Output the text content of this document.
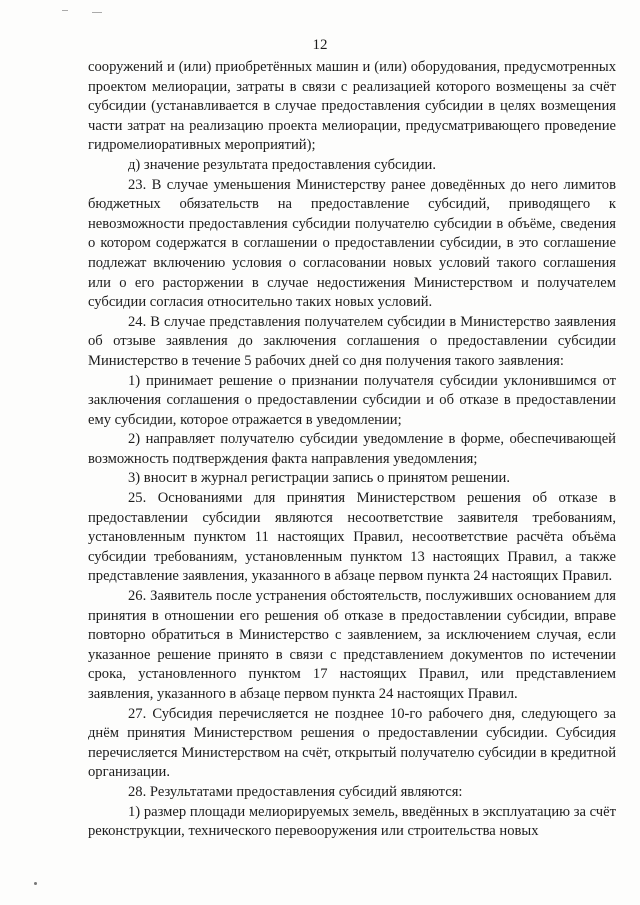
12

сооружений и (или) приобретённых машин и (или) оборудования, предусмотренных проектом мелиорации, затраты в связи с реализацией которого возмещены за счёт субсидии (устанавливается в случае предоставления субсидии в целях возмещения части затрат на реализацию проекта мелиорации, предусматривающего проведение гидромелиоративных мероприятий);

д) значение результата предоставления субсидии.

23. В случае уменьшения Министерству ранее доведённых до него лимитов бюджетных обязательств на предоставление субсидий, приводящего к невозможности предоставления субсидии получателю субсидии в объёме, сведения о котором содержатся в соглашении о предоставлении субсидии, в это соглашение подлежат включению условия о согласовании новых условий такого соглашения или о его расторжении в случае недостижения Министерством и получателем субсидии согласия относительно таких новых условий.

24. В случае представления получателем субсидии в Министерство заявления об отзыве заявления до заключения соглашения о предоставлении субсидии Министерство в течение 5 рабочих дней со дня получения такого заявления:

1) принимает решение о признании получателя субсидии уклонившимся от заключения соглашения о предоставлении субсидии и об отказе в предоставлении ему субсидии, которое отражается в уведомлении;

2) направляет получателю субсидии уведомление в форме, обеспечивающей возможность подтверждения факта направления уведомления;

3) вносит в журнал регистрации запись о принятом решении.

25. Основаниями для принятия Министерством решения об отказе в предоставлении субсидии являются несоответствие заявителя требованиям, установленным пунктом 11 настоящих Правил, несоответствие расчёта объёма субсидии требованиям, установленным пунктом 13 настоящих Правил, а также представление заявления, указанного в абзаце первом пункта 24 настоящих Правил.

26. Заявитель после устранения обстоятельств, послуживших основанием для принятия в отношении его решения об отказе в предоставлении субсидии, вправе повторно обратиться в Министерство с заявлением, за исключением случая, если указанное решение принято в связи с представлением документов по истечении срока, установленного пунктом 17 настоящих Правил, или представлением заявления, указанного в абзаце первом пункта 24 настоящих Правил.

27. Субсидия перечисляется не позднее 10-го рабочего дня, следующего за днём принятия Министерством решения о предоставлении субсидии. Субсидия перечисляется Министерством на счёт, открытый получателю субсидии в кредитной организации.

28. Результатами предоставления субсидий являются:

1) размер площади мелиорируемых земель, введённых в эксплуатацию за счёт реконструкции, технического перевооружения или строительства новых
